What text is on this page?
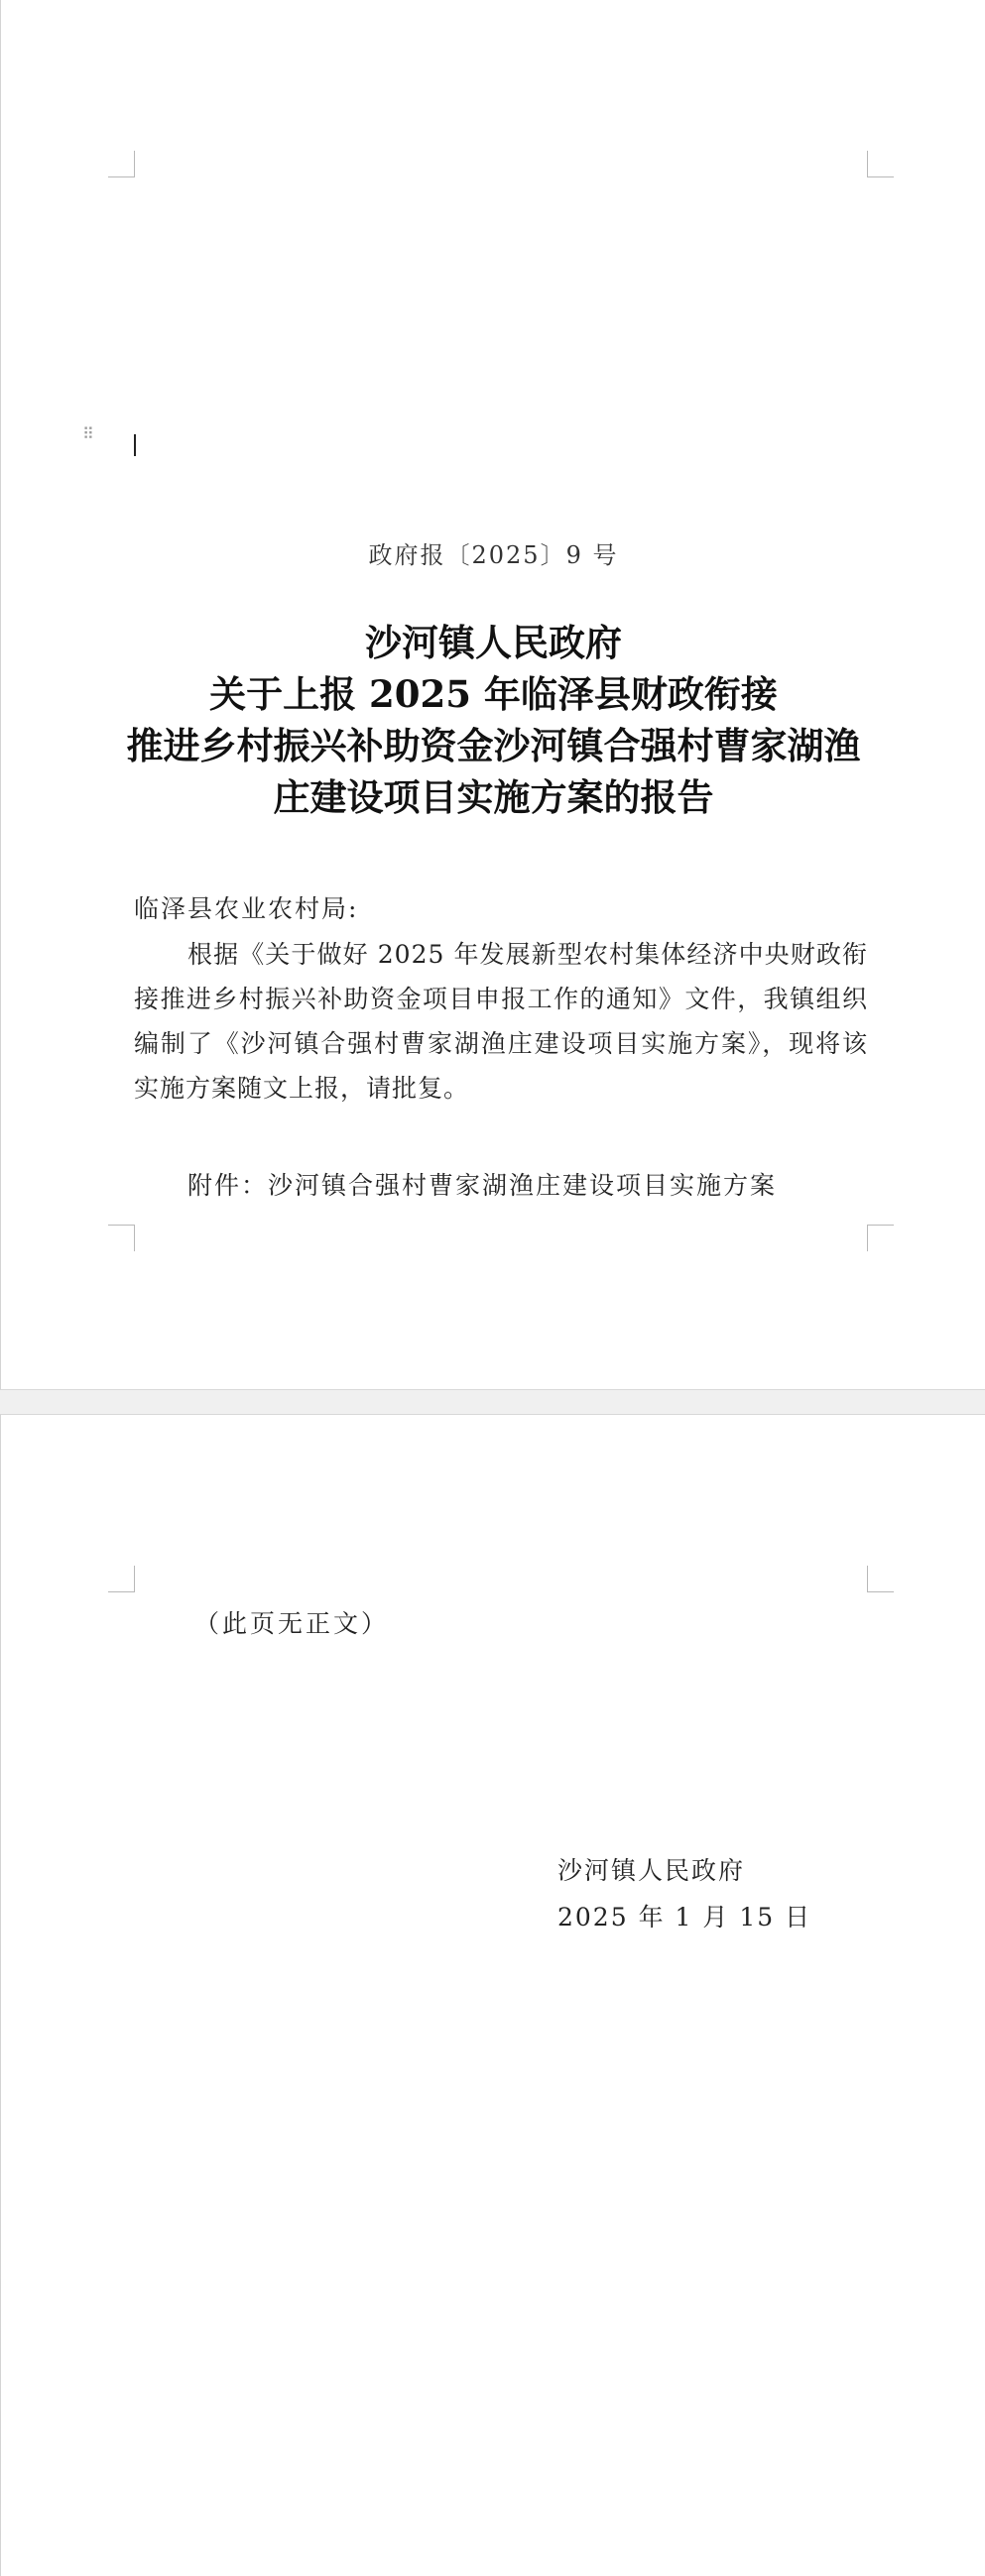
⠿
政府报〔2025〕9 号
沙河镇人民政府
关于上报 2025 年临泽县财政衔接
推进乡村振兴补助资金沙河镇合强村曹家湖渔
庄建设项目实施方案的报告
临泽县农业农村局:
根据《关于做好 2025 年发展新型农村集体经济中央财政衔接推进乡村振兴补助资金项目申报工作的通知》文件，我镇组织编制了《沙河镇合强村曹家湖渔庄建设项目实施方案》，现将该实施方案随文上报，请批复。
附件：沙河镇合强村曹家湖渔庄建设项目实施方案
（此页无正文）
沙河镇人民政府
2025 年 1 月 15 日
